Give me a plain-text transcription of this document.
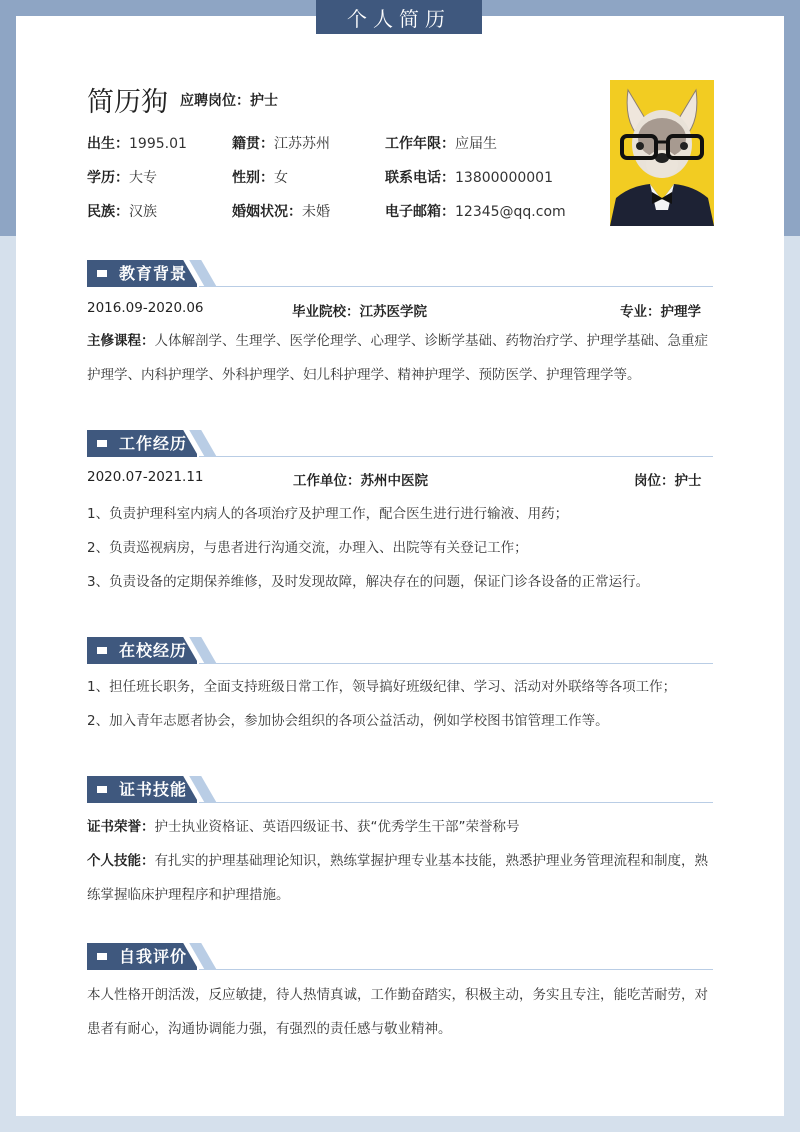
个人简历
简历狗 应聘岗位：护士
出生：1995.01	籍贯：江苏苏州	工作年限：应届生
学历：大专	性别：女	联系电话：13800000001
民族：汉族	婚姻状况：未婚	电子邮箱：12345@qq.com
教育背景
2016.09-2020.06	毕业院校：江苏医学院	专业：护理学
主修课程：人体解剖学、生理学、医学伦理学、心理学、诊断学基础、药物治疗学、护理学基础、急重症护理学、内科护理学、外科护理学、妇儿科护理学、精神护理学、预防医学、护理管理学等。
工作经历
2020.07-2021.11	工作单位：苏州中医院	岗位：护士
1、负责护理科室内病人的各项治疗及护理工作，配合医生进行进行输液、用药；
2、负责巡视病房，与患者进行沟通交流，办理入、出院等有关登记工作；
3、负责设备的定期保养维修，及时发现故障，解决存在的问题，保证门诊各设备的正常运行。
在校经历
1、担任班长职务，全面支持班级日常工作，领导搞好班级纪律、学习、活动对外联络等各项工作；
2、加入青年志愿者协会，参加协会组织的各项公益活动，例如学校图书馆管理工作等。
证书技能
证书荣誉：护士执业资格证、英语四级证书、获“优秀学生干部”荣誉称号
个人技能：有扎实的护理基础理论知识，熟练掌握护理专业基本技能，熟悉护理业务管理流程和制度，熟练掌握临床护理程序和护理措施。
自我评价
本人性格开朗活泼，反应敏捷，待人热情真诚，工作勤奋踏实，积极主动，务实且专注，能吃苦耐劳，对患者有耐心，沟通协调能力强，有强烈的责任感与敬业精神。
